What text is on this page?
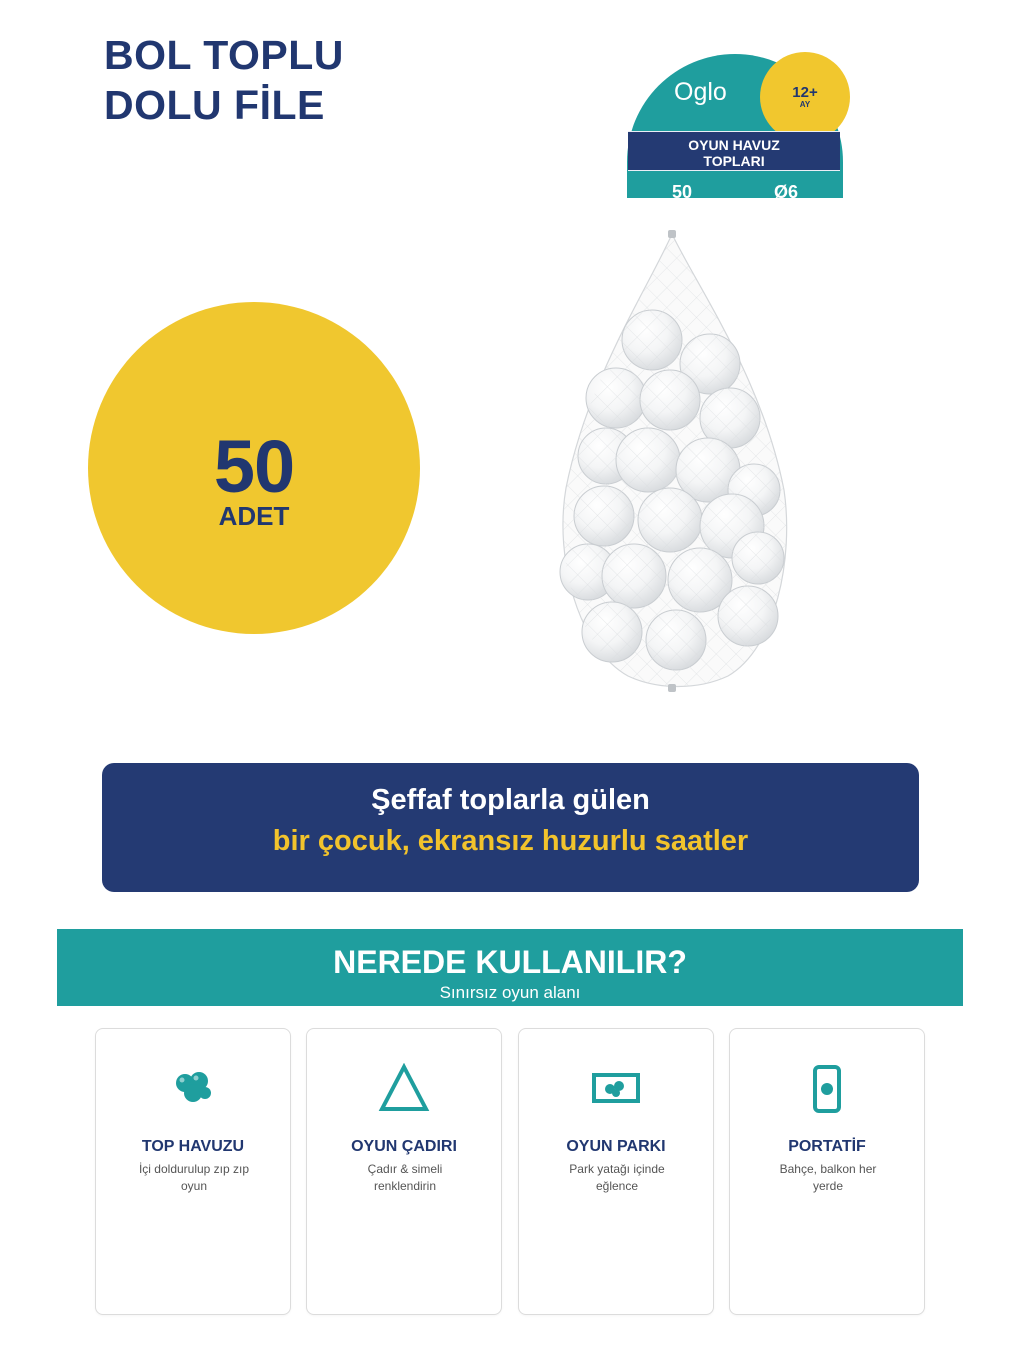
BOL TOPLU
DOLU FİLE	Oglo	12+
AY
OYUN HAVUZ
TOPLARI
50	Ø6
50
ADET
Şeffaf toplarla gülen
bir çocuk, ekransız huzurlu saatler
NEREDE KULLANILIR?
Sınırsız oyun alanı
TOP HAVUZU
İçi doldurulup zıp zıp oyun
OYUN ÇADIRI
Çadır & simeli renklendirin
OYUN PARKI
Park yatağı içinde eğlence
PORTATİF
Bahçe, balkon her yerde
